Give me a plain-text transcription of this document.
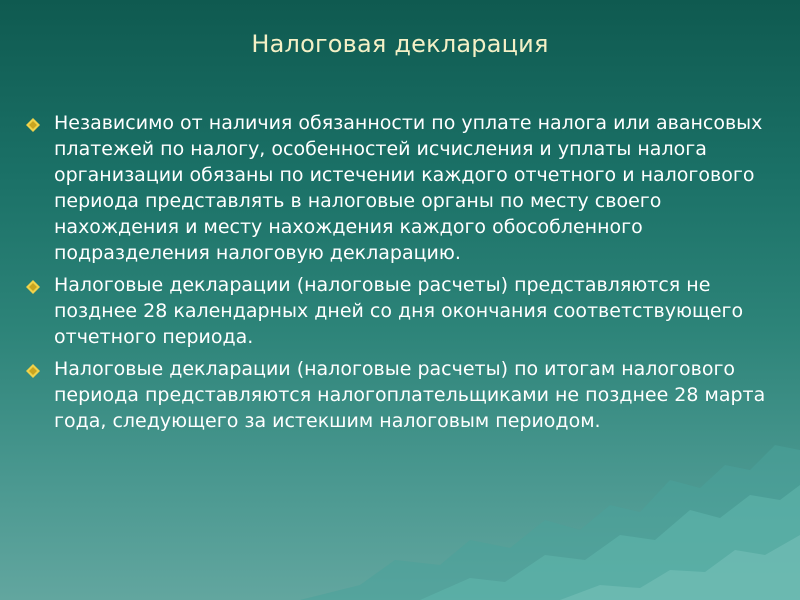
Налоговая декларация
Независимо от наличия обязанности по уплате налога или авансовых платежей по налогу, особенностей исчисления и уплаты налога организации обязаны по истечении каждого отчетного и налогового периода представлять в налоговые органы по месту своего нахождения и месту нахождения каждого обособленного подразделения налоговую декларацию.
Налоговые декларации (налоговые расчеты) представляются не позднее 28 календарных дней со дня окончания соответствующего отчетного периода.
Налоговые декларации (налоговые расчеты) по итогам налогового периода представляются налогоплательщиками не позднее 28 марта года, следующего за истекшим налоговым периодом.
